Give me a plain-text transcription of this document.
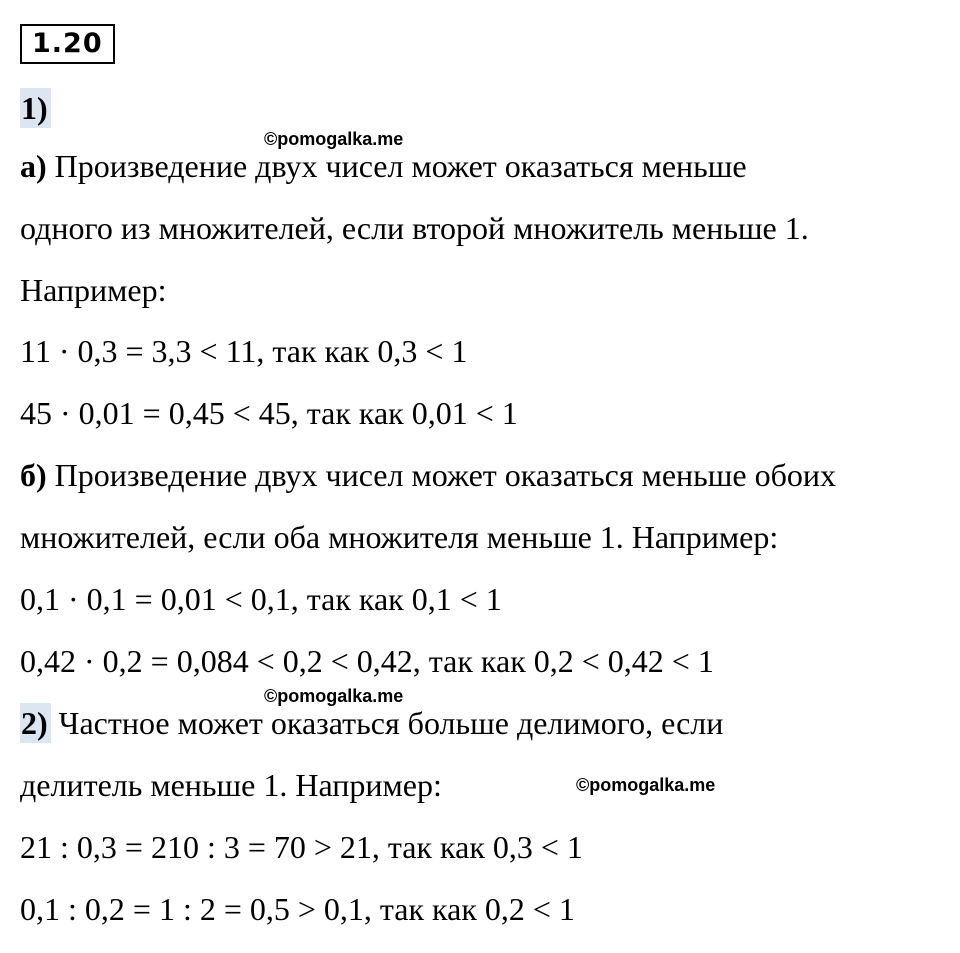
1.20
1)
©pomogalka.me
а) Произведение двух чисел может оказаться меньше
одного из множителей, если второй множитель меньше 1.
Например:
11 · 0,3 = 3,3 < 11, так как 0,3 < 1
45 · 0,01 = 0,45 < 45, так как 0,01 < 1
б) Произведение двух чисел может оказаться меньше обоих
множителей, если оба множителя меньше 1. Например:
0,1 · 0,1 = 0,01 < 0,1, так как 0,1 < 1
0,42 · 0,2 = 0,084 < 0,2 < 0,42, так как 0,2 < 0,42 < 1
©pomogalka.me
2) Частное может оказаться больше делимого, если
делитель меньше 1. Например:	©pomogalka.me
21 : 0,3 = 210 : 3 = 70 > 21, так как 0,3 < 1
0,1 : 0,2 = 1 : 2 = 0,5 > 0,1, так как 0,2 < 1
